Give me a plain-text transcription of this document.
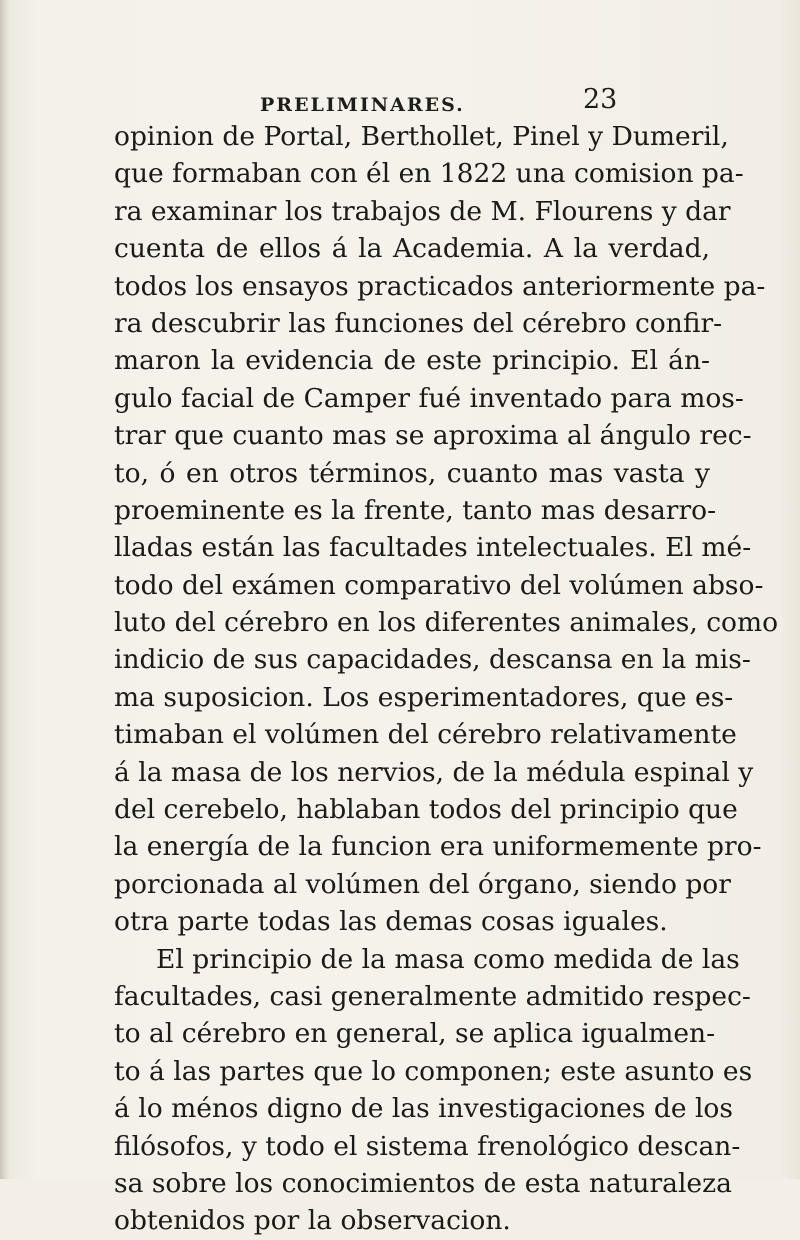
PRELIMINARES.	23
opinion de Portal, Berthollet, Pinel y Dumeril,
que formaban con él en 1822 una comision pa-
ra examinar los trabajos de M. Flourens y dar
cuenta de ellos á la Academia. A la verdad,
todos los ensayos practicados anteriormente pa-
ra descubrir las funciones del cérebro confir-
maron la evidencia de este principio. El án-
gulo facial de Camper fué inventado para mos-
trar que cuanto mas se aproxima al ángulo rec-
to, ó en otros términos, cuanto mas vasta y
proeminente es la frente, tanto mas desarro-
lladas están las facultades intelectuales. El mé-
todo del exámen comparativo del volúmen abso-
luto del cérebro en los diferentes animales, como
indicio de sus capacidades, descansa en la mis-
ma suposicion. Los esperimentadores, que es-
timaban el volúmen del cérebro relativamente
á la masa de los nervios, de la médula espinal y
del cerebelo, hablaban todos del principio que
la energía de la funcion era uniformemente pro-
porcionada al volúmen del órgano, siendo por
otra parte todas las demas cosas iguales.
El principio de la masa como medida de las
facultades, casi generalmente admitido respec-
to al cérebro en general, se aplica igualmen-
to á las partes que lo componen; este asunto es
á lo ménos digno de las investigaciones de los
filósofos, y todo el sistema frenológico descan-
sa sobre los conocimientos de esta naturaleza
obtenidos por la observacion.
